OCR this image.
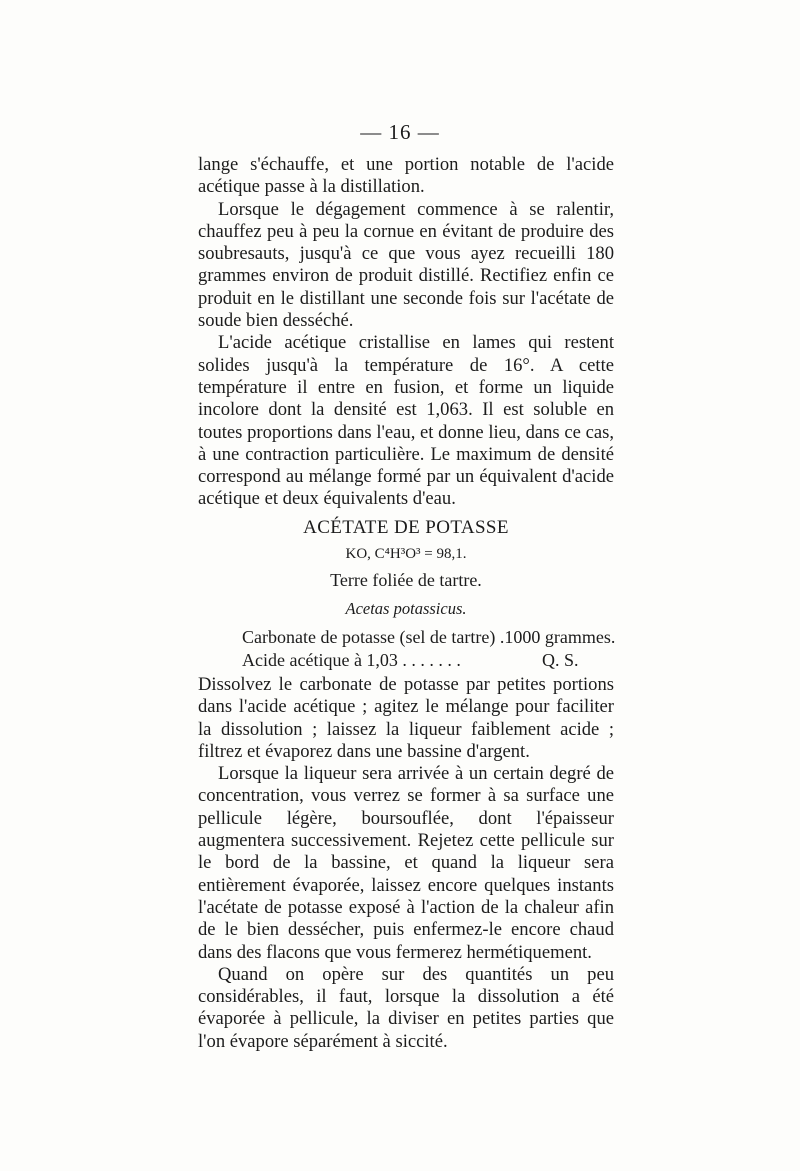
— 16 —

lange s'échauffe, et une portion notable de l'acide acétique passe à la distillation.

Lorsque le dégagement commence à se ralentir, chauffez peu à peu la cornue en évitant de produire des soubresauts, jusqu'à ce que vous ayez recueilli 180 grammes environ de produit distillé. Rectifiez enfin ce produit en le distillant une seconde fois sur l'acétate de soude bien desséché.

L'acide acétique cristallise en lames qui restent solides jusqu'à la température de 16°. A cette température il entre en fusion, et forme un liquide incolore dont la densité est 1,063. Il est soluble en toutes proportions dans l'eau, et donne lieu, dans ce cas, à une contraction particulière. Le maximum de densité correspond au mélange formé par un équivalent d'acide acétique et deux équivalents d'eau.

ACÉTATE DE POTASSE

KO, C⁴H³O³ = 98,1.

Terre foliée de tartre.

Acetas potassicus.

Carbonate de potasse (sel de tartre) . 1000 grammes.
Acide acétique à 1,03 . . . . . . .	Q. S.

Dissolvez le carbonate de potasse par petites portions dans l'acide acétique ; agitez le mélange pour faciliter la dissolution ; laissez la liqueur faiblement acide ; filtrez et évaporez dans une bassine d'argent.

Lorsque la liqueur sera arrivée à un certain degré de concentration, vous verrez se former à sa surface une pellicule légère, boursouflée, dont l'épaisseur augmentera successivement. Rejetez cette pellicule sur le bord de la bassine, et quand la liqueur sera entièrement évaporée, laissez encore quelques instants l'acétate de potasse exposé à l'action de la chaleur afin de le bien dessécher, puis enfermez-le encore chaud dans des flacons que vous fermerez hermétiquement.

Quand on opère sur des quantités un peu considérables, il faut, lorsque la dissolution a été évaporée à pellicule, la diviser en petites parties que l'on évapore séparément à siccité.
